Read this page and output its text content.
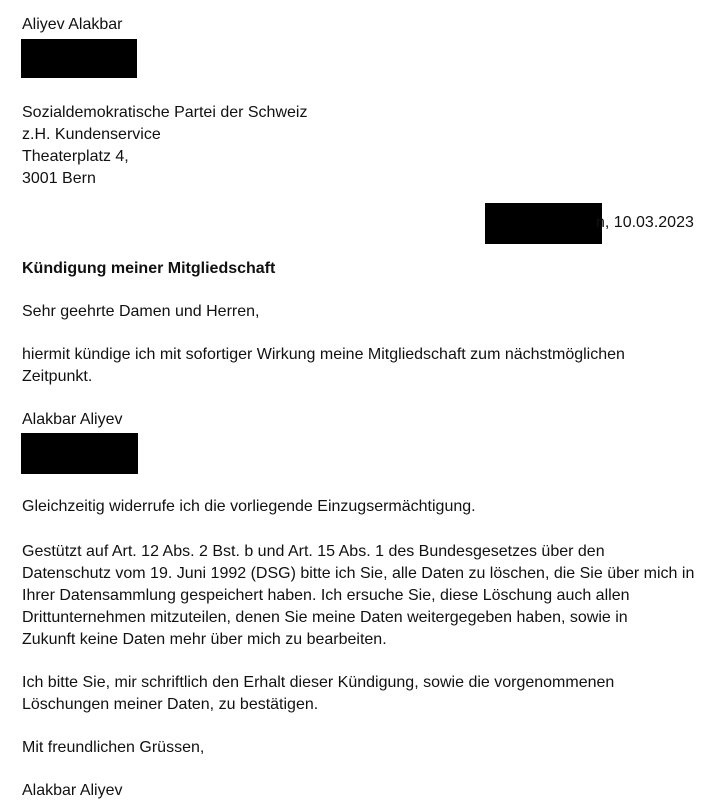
Aliyev Alakbar
Sozialdemokratische Partei der Schweiz
z.H. Kundenservice
Theaterplatz 4,
3001 Bern
n, 10.03.2023
Kündigung meiner Mitgliedschaft
Sehr geehrte Damen und Herren,
hiermit kündige ich mit sofortiger Wirkung meine Mitgliedschaft zum nächstmöglichen
Zeitpunkt.
Alakbar Aliyev
Gleichzeitig widerrufe ich die vorliegende Einzugsermächtigung.
Gestützt auf Art. 12 Abs. 2 Bst. b und Art. 15 Abs. 1 des Bundesgesetzes über den
Datenschutz vom 19. Juni 1992 (DSG) bitte ich Sie, alle Daten zu löschen, die Sie über mich in
Ihrer Datensammlung gespeichert haben. Ich ersuche Sie, diese Löschung auch allen
Drittunternehmen mitzuteilen, denen Sie meine Daten weitergegeben haben, sowie in
Zukunft keine Daten mehr über mich zu bearbeiten.
Ich bitte Sie, mir schriftlich den Erhalt dieser Kündigung, sowie die vorgenommenen
Löschungen meiner Daten, zu bestätigen.
Mit freundlichen Grüssen,
Alakbar Aliyev
